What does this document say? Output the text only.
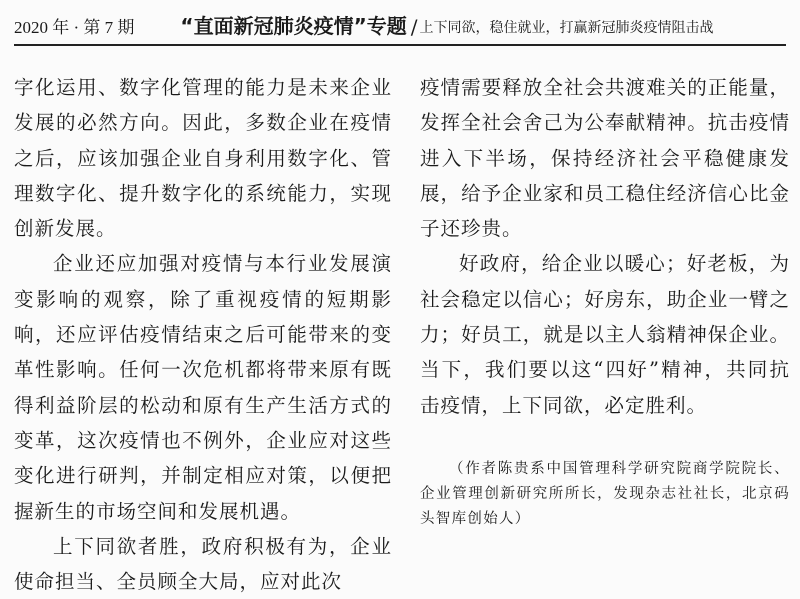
2020 年 · 第 7 期 “直面新冠肺炎疫情”专题 / 上下同欲，稳住就业，打赢新冠肺炎疫情阻击战

字化运用、数字化管理的能力是未来企业发展的必然方向。因此，多数企业在疫情之后，应该加强企业自身利用数字化、管理数字化、提升数字化的系统能力，实现创新发展。

企业还应加强对疫情与本行业发展演变影响的观察，除了重视疫情的短期影响，还应评估疫情结束之后可能带来的变革性影响。任何一次危机都将带来原有既得利益阶层的松动和原有生产生活方式的变革，这次疫情也不例外，企业应对这些变化进行研判，并制定相应对策，以便把握新生的市场空间和发展机遇。

上下同欲者胜，政府积极有为，企业使命担当、全员顾全大局，应对此次

疫情需要释放全社会共渡难关的正能量，发挥全社会舍己为公奉献精神。抗击疫情进入下半场，保持经济社会平稳健康发展，给予企业家和员工稳住经济信心比金子还珍贵。

好政府，给企业以暖心；好老板，为社会稳定以信心；好房东，助企业一臂之力；好员工，就是以主人翁精神保企业。当下，我们要以这“四好”精神，共同抗击疫情，上下同欲，必定胜利。

（作者陈贵系中国管理科学研究院商学院院长、企业管理创新研究所所长，发现杂志社社长，北京码头智库创始人）
